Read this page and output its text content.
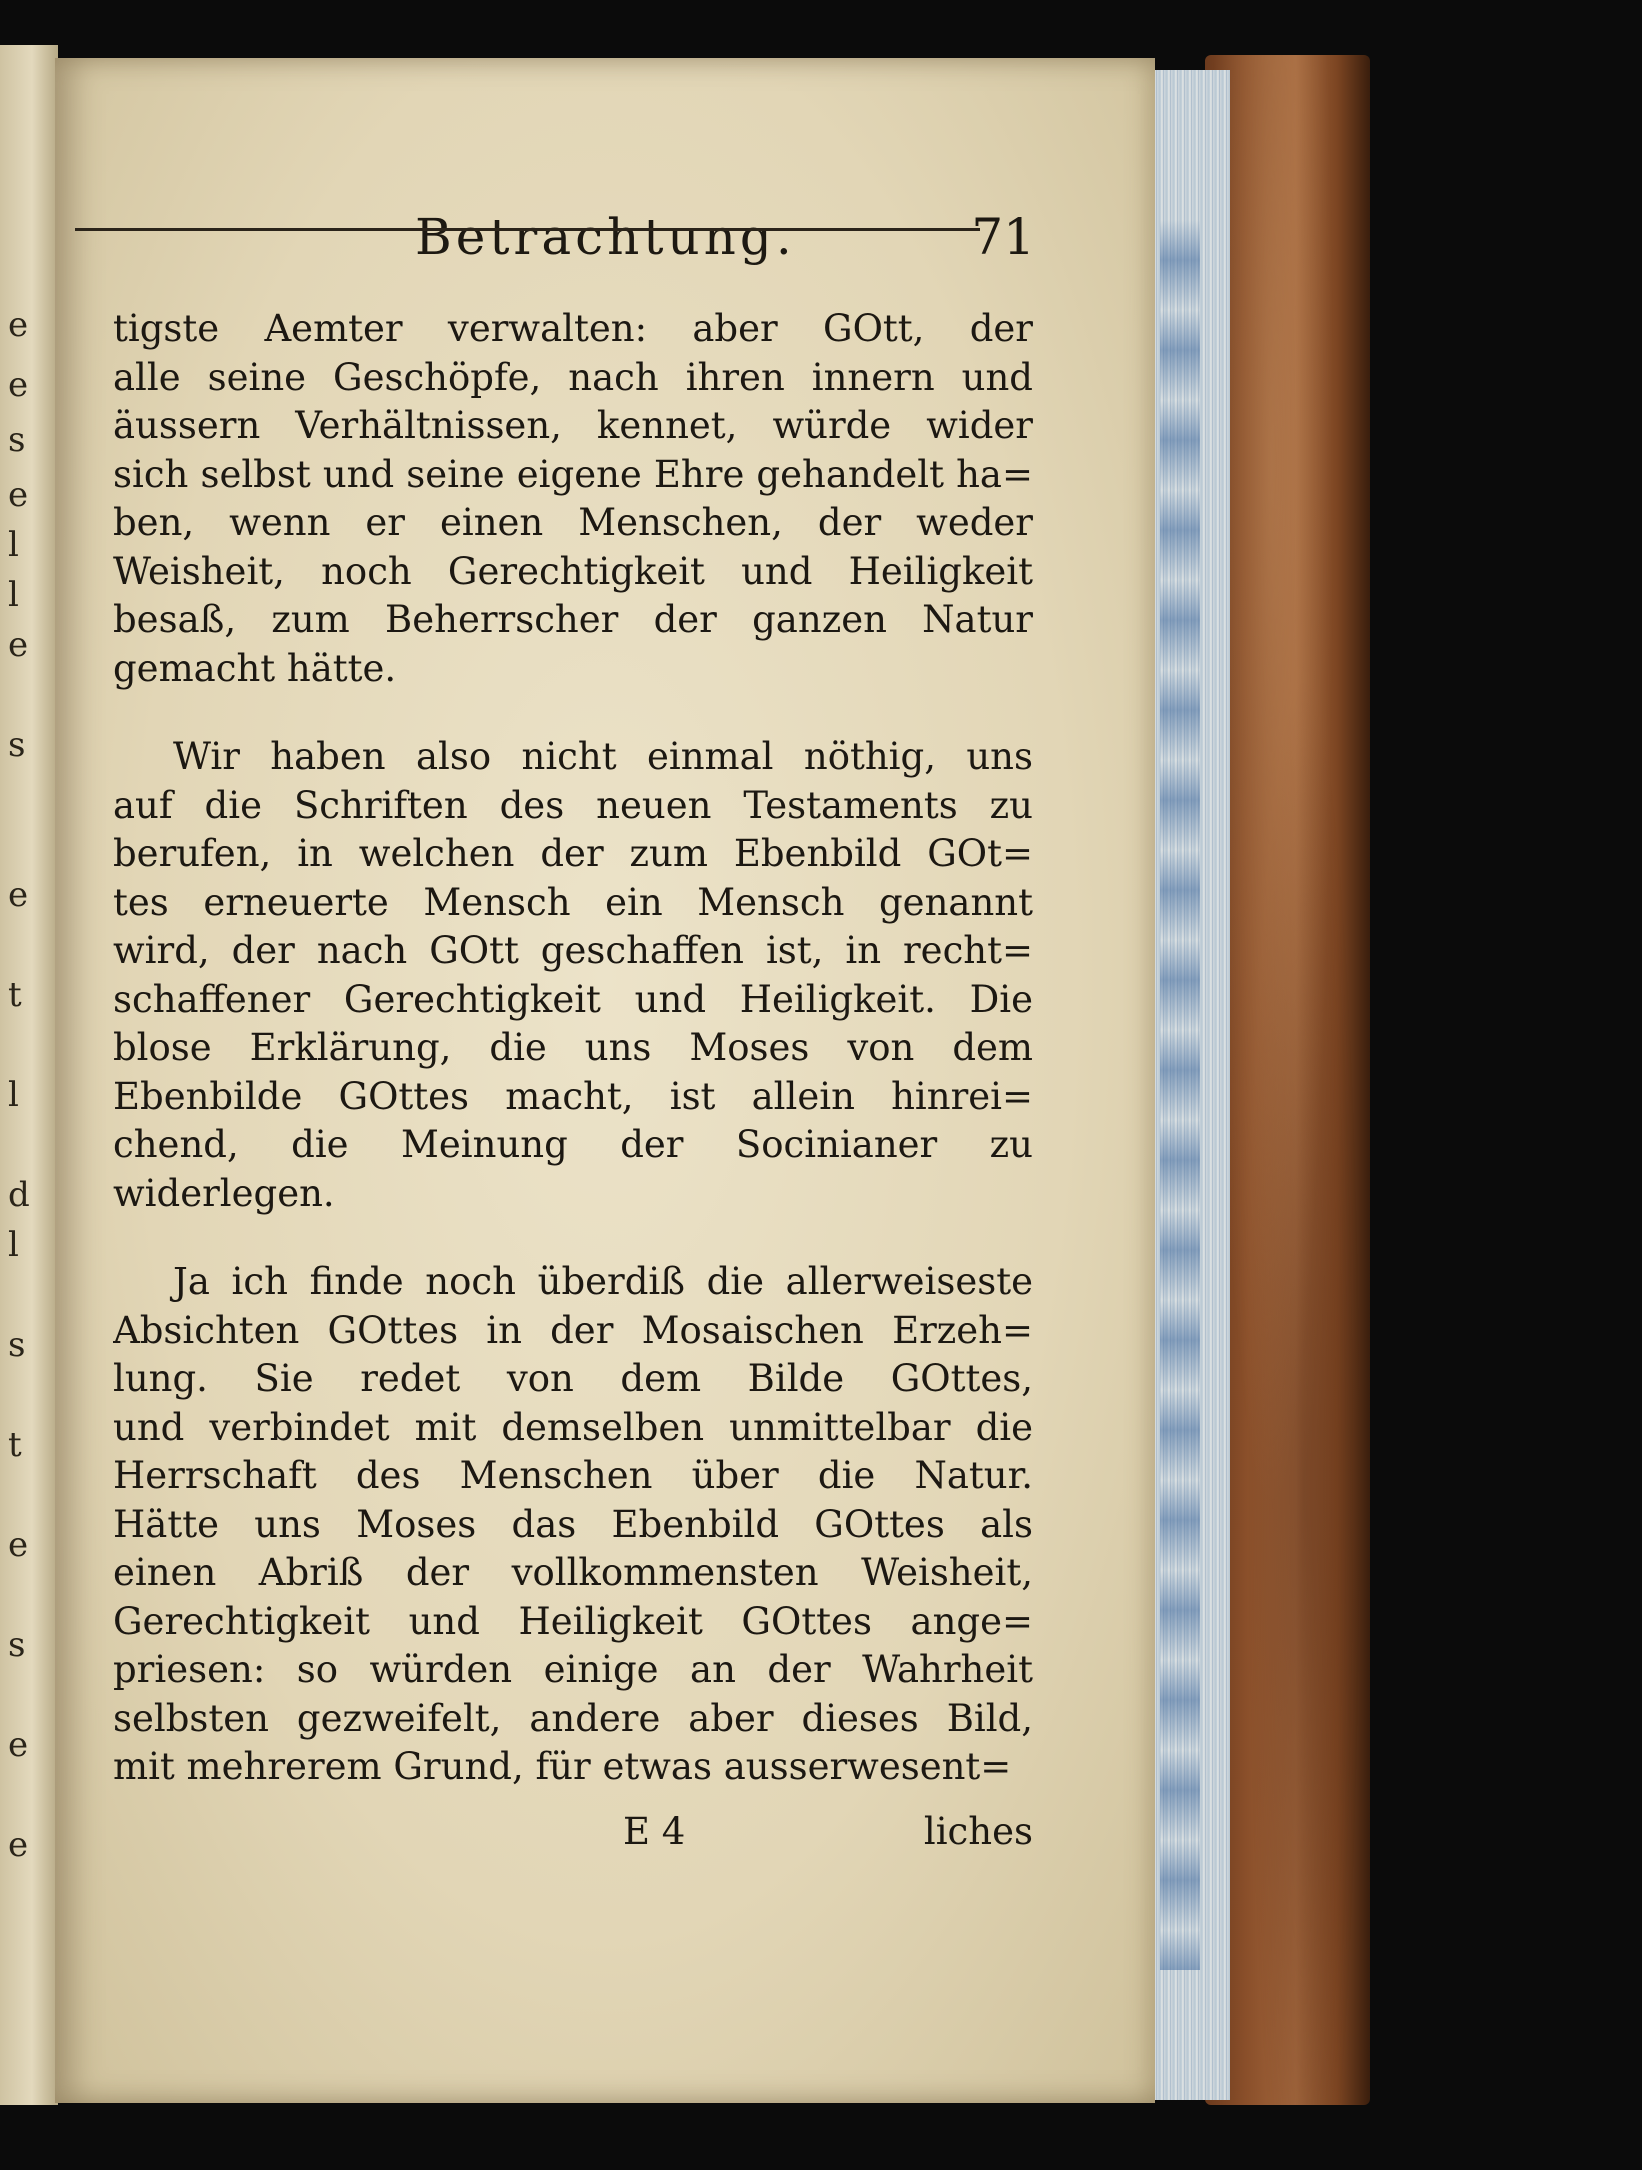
e
e
s
e
l
l
e
s
e
t
l
d
l
s
t
e
s
e
e
Betrachtung.	71
tigste Aemter verwalten: aber GOtt, der
alle seine Geschöpfe, nach ihren innern und
äussern Verhältnissen, kennet, würde wider
sich selbst und seine eigene Ehre gehandelt ha=
ben, wenn er einen Menschen, der weder
Weisheit, noch Gerechtigkeit und Heiligkeit
besaß, zum Beherrscher der ganzen Natur
gemacht hätte.
Wir haben also nicht einmal nöthig, uns
auf die Schriften des neuen Testaments zu
berufen, in welchen der zum Ebenbild GOt=
tes erneuerte Mensch ein Mensch genannt
wird, der nach GOtt geschaffen ist, in recht=
schaffener Gerechtigkeit und Heiligkeit. Die
blose Erklärung, die uns Moses von dem
Ebenbilde GOttes macht, ist allein hinrei=
chend, die Meinung der Socinianer zu
widerlegen.
Ja ich finde noch überdiß die allerweiseste
Absichten GOttes in der Mosaischen Erzeh=
lung. Sie redet von dem Bilde GOttes,
und verbindet mit demselben unmittelbar die
Herrschaft des Menschen über die Natur.
Hätte uns Moses das Ebenbild GOttes als
einen Abriß der vollkommensten Weisheit,
Gerechtigkeit und Heiligkeit GOttes ange=
priesen: so würden einige an der Wahrheit
selbsten gezweifelt, andere aber dieses Bild,
mit mehrerem Grund, für etwas ausserwesent=
E 4	liches
